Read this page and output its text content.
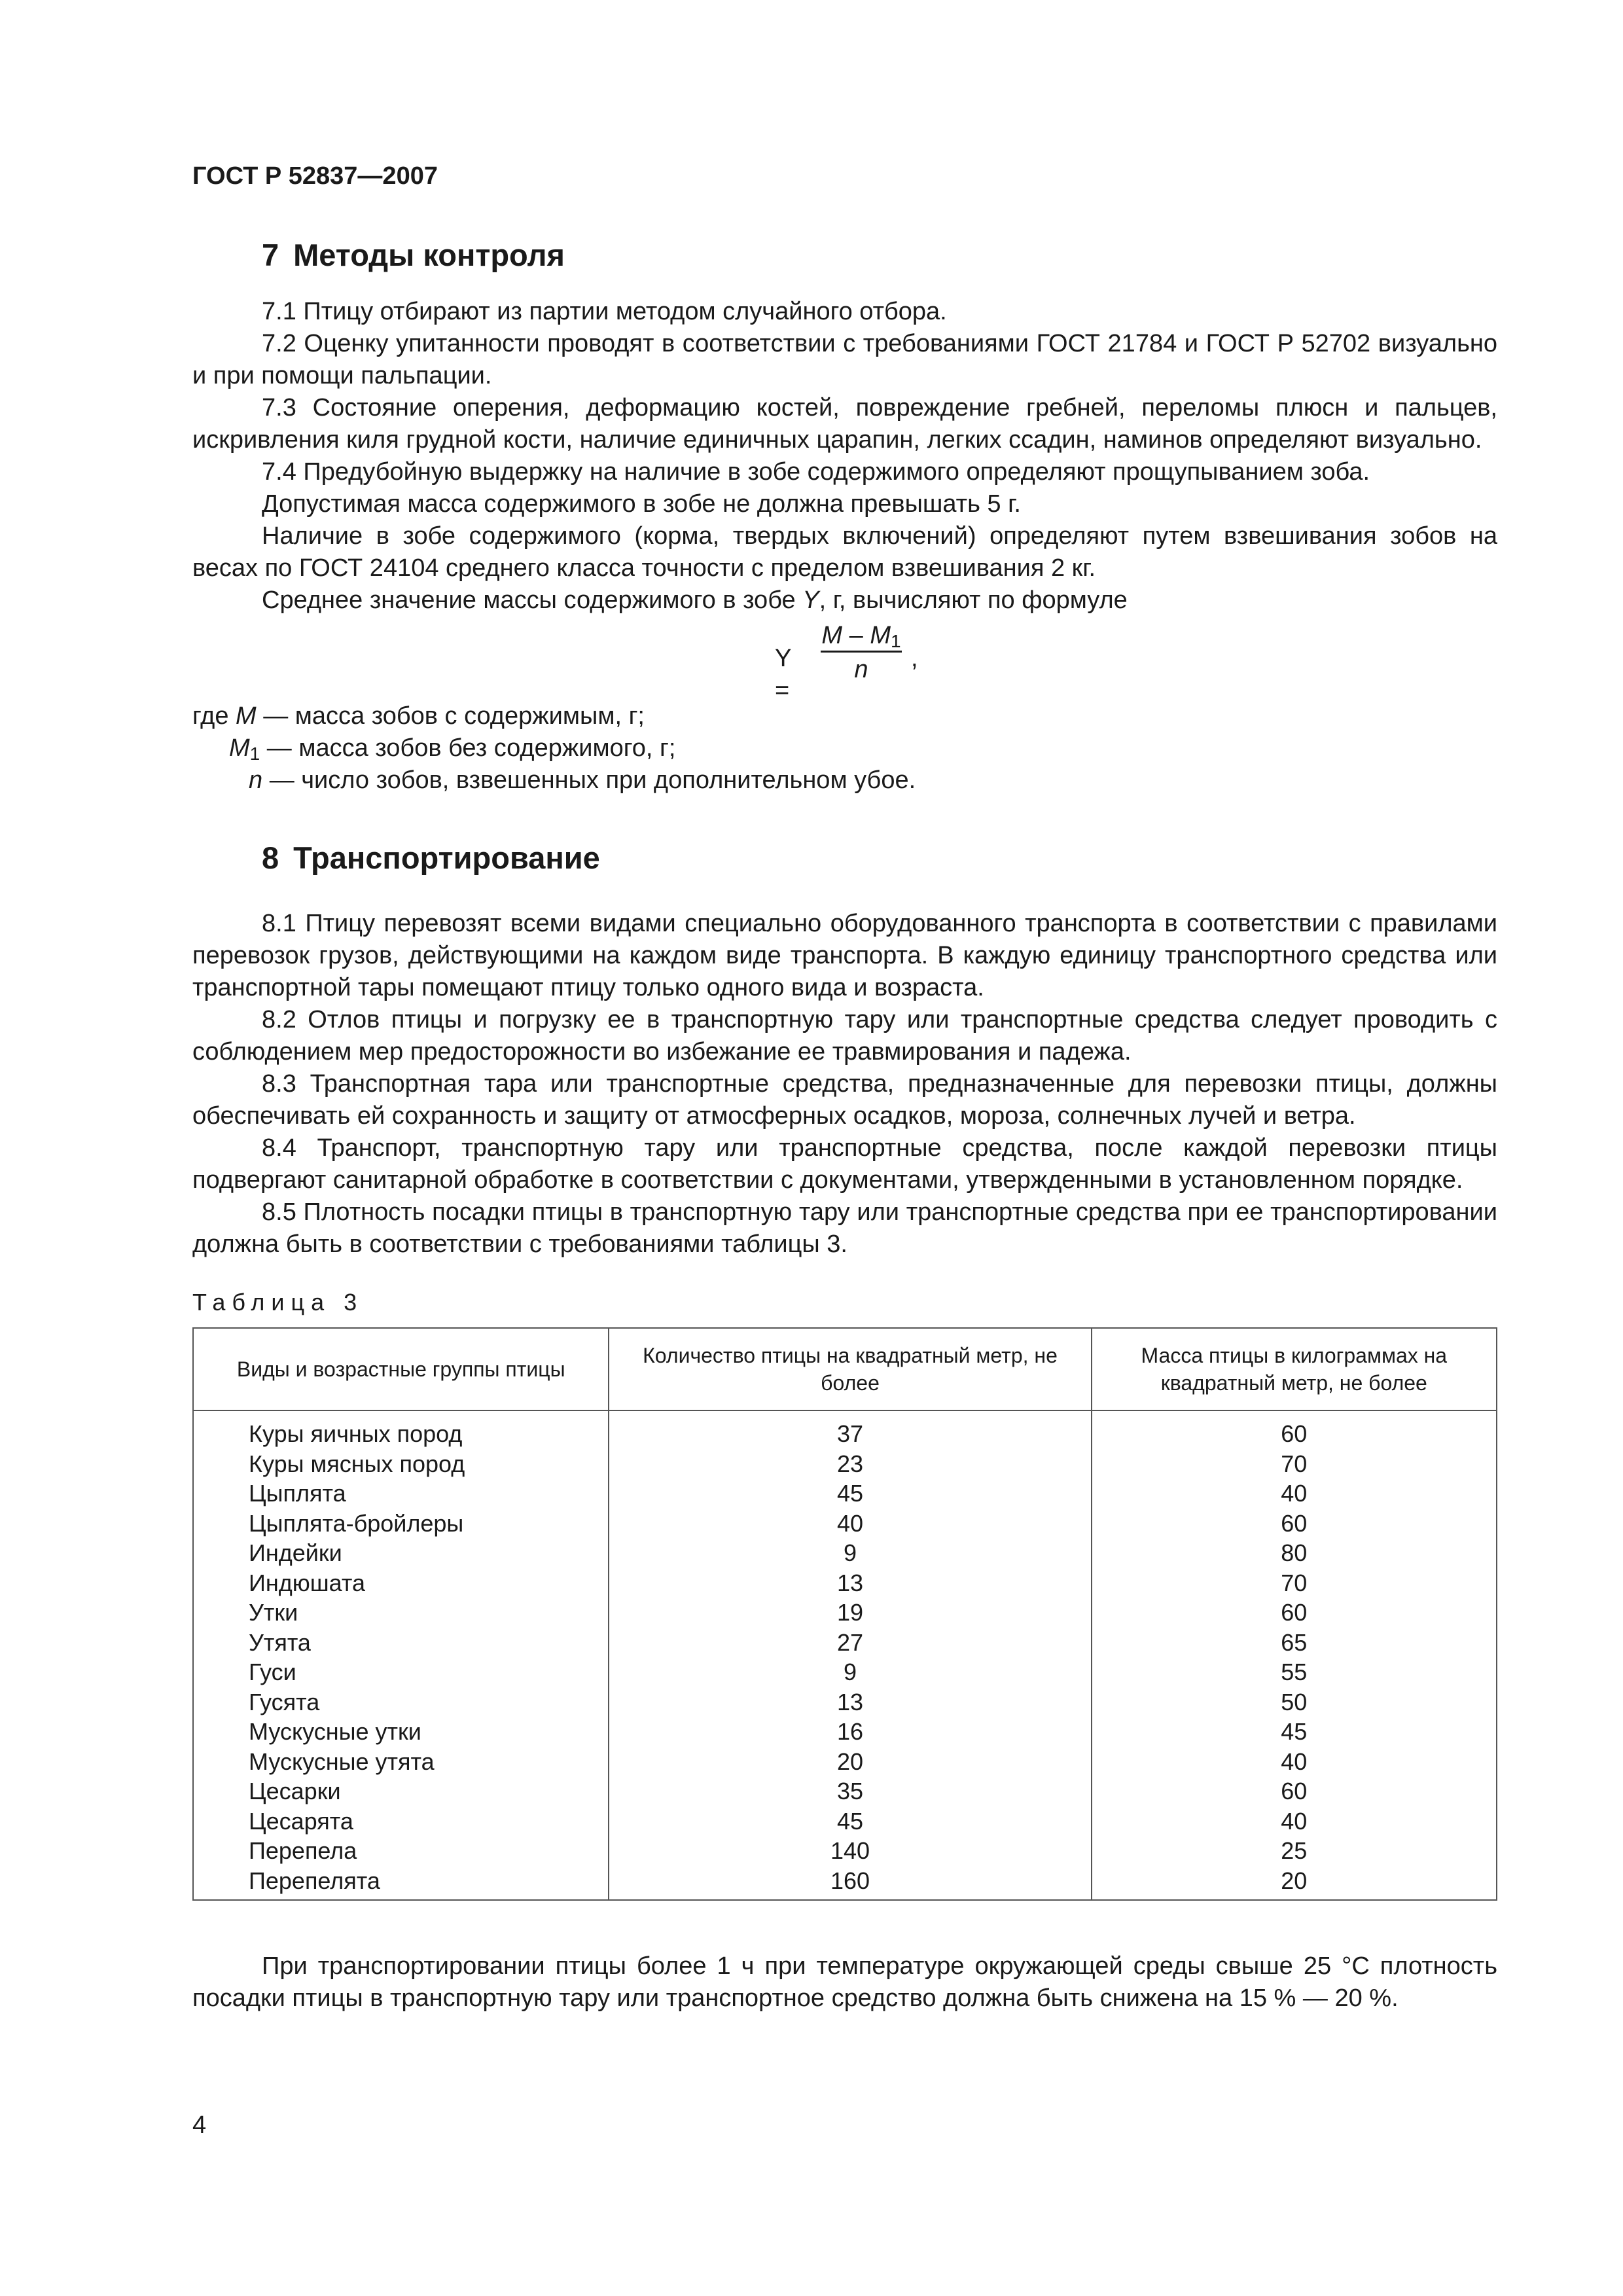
ГОСТ Р 52837—2007
7 Методы контроля

7.1 Птицу отбирают из партии методом случайного отбора.

7.2 Оценку упитанности проводят в соответствии с требованиями ГОСТ 21784 и ГОСТ Р 52702 визуально и при помощи пальпации.

7.3 Состояние оперения, деформацию костей, повреждение гребней, переломы плюсн и пальцев, искривления киля грудной кости, наличие единичных царапин, легких ссадин, наминов определяют визуально.

7.4 Предубойную выдержку на наличие в зобе содержимого определяют прощупыванием зоба.

Допустимая масса содержимого в зобе не должна превышать 5 г.

Наличие в зобе содержимого (корма, твердых включений) определяют путем взвешивания зобов на весах по ГОСТ 24104 среднего класса точности с пределом взвешивания 2 кг.

Среднее значение массы содержимого в зобе Y, г, вычисляют по формуле

Y =
$\frac{M - M_1}{n}$ ,

где M — масса зобов с содержимым, г;

$M_1$ — масса зобов без содержимого, г;

n — число зобов, взвешенных при дополнительном убое.

8 Транспортирование

8.1 Птицу перевозят всеми видами специально оборудованного транспорта в соответствии с правилами перевозок грузов, действующими на каждом виде транспорта. В каждую единицу транспортного средства или транспортной тары помещают птицу только одного вида и возраста.

8.2 Отлов птицы и погрузку ее в транспортную тару или транспортные средства следует проводить с соблюдением мер предосторожности во избежание ее травмирования и падежа.

8.3 Транспортная тара или транспортные средства, предназначенные для перевозки птицы, должны обеспечивать ей сохранность и защиту от атмосферных осадков, мороза, солнечных лучей и ветра.

8.4 Транспорт, транспортную тару или транспортные средства, после каждой перевозки птицы подвергают санитарной обработке в соответствии с документами, утвержденными в установленном порядке.

8.5 Плотность посадки птицы в транспортную тару или транспортные средства при ее транспортировании должна быть в соответствии с требованиями таблицы 3.

Таблица 3
Виды и возрастные группы птицы	Количество птицы на квадратный метр, не более	Масса птицы в килограммах на квадратный метр, не более
Куры яичных пород	37	60
Куры мясных пород	23	70
Цыплята	45	40
Цыплята-бройлеры	40	60
Индейки	9	80
Индюшата	13	70
Утки	19	60
Утята	27	65
Гуси	9	55
Гусята	13	50
Мускусные утки	16	45
Мускусные утята	20	40
Цесарки	35	60
Цесарята	45	40
Перепела	140	25
Перепелята	160	20

При транспортировании птицы более 1 ч при температуре окружающей среды свыше 25 °С плотность посадки птицы в транспортную тару или транспортное средство должна быть снижена на 15 % — 20 %.

4
